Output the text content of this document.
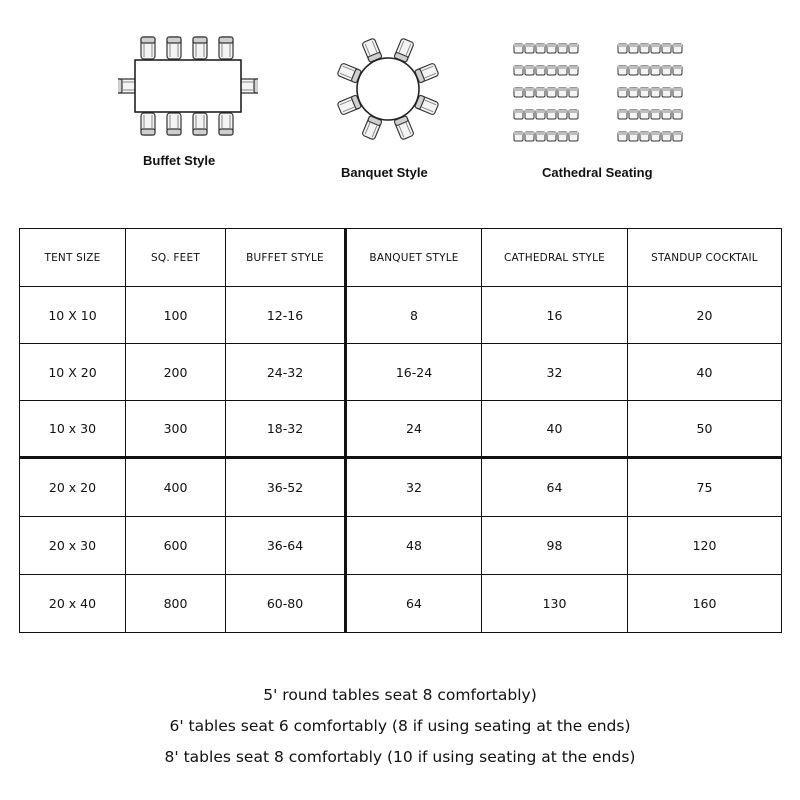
Buffet Style
Banquet Style	Cathedral Seating
TENT SIZE	SQ. FEET	BUFFET STYLE	BANQUET STYLE	CATHEDRAL STYLE	STANDUP COCKTAIL
10 X 10	100	12-16	8	16	20
10 X 20	200	24-32	16-24	32	40
10 x 30	300	18-32	24	40	50
20 x 20	400	36-52	32	64	75
20 x 30	600	36-64	48	98	120
20 x 40	800	60-80	64	130	160
5' round tables seat 8 comfortably)
6' tables seat 6 comfortably (8 if using seating at the ends)
8' tables seat 8 comfortably (10 if using seating at the ends)
